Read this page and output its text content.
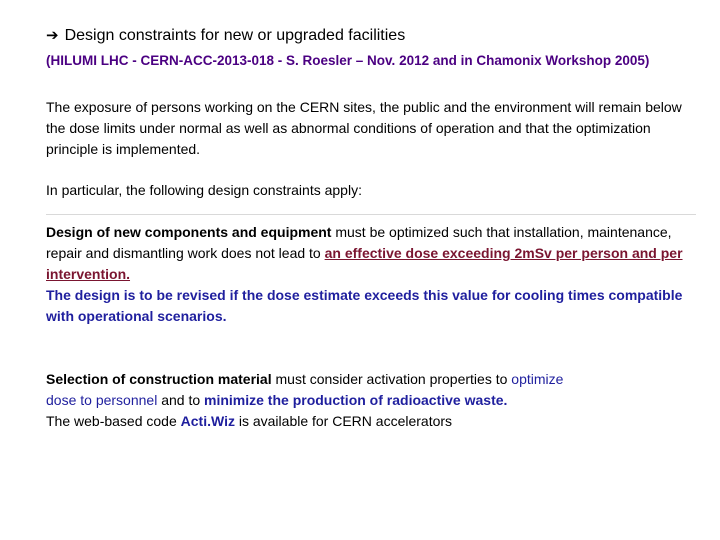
➔ Design constraints for new or upgraded facilities
(HILUMI LHC - CERN-ACC-2013-018 - S. Roesler – Nov. 2012 and in Chamonix Workshop 2005)

The exposure of persons working on the CERN sites, the public and the environment will remain below the dose limits under normal as well as abnormal conditions of operation and that the optimization principle is implemented.

In particular, the following design constraints apply:

Design of new components and equipment must be optimized such that installation, maintenance, repair and dismantling work does not lead to an effective dose exceeding 2mSv per person and per intervention.
The design is to be revised if the dose estimate exceeds this value for cooling times compatible with operational scenarios.

Selection of construction material must consider activation properties to optimize
dose to personnel and to minimize the production of radioactive waste.
The web-based code Acti.Wiz is available for CERN accelerators
